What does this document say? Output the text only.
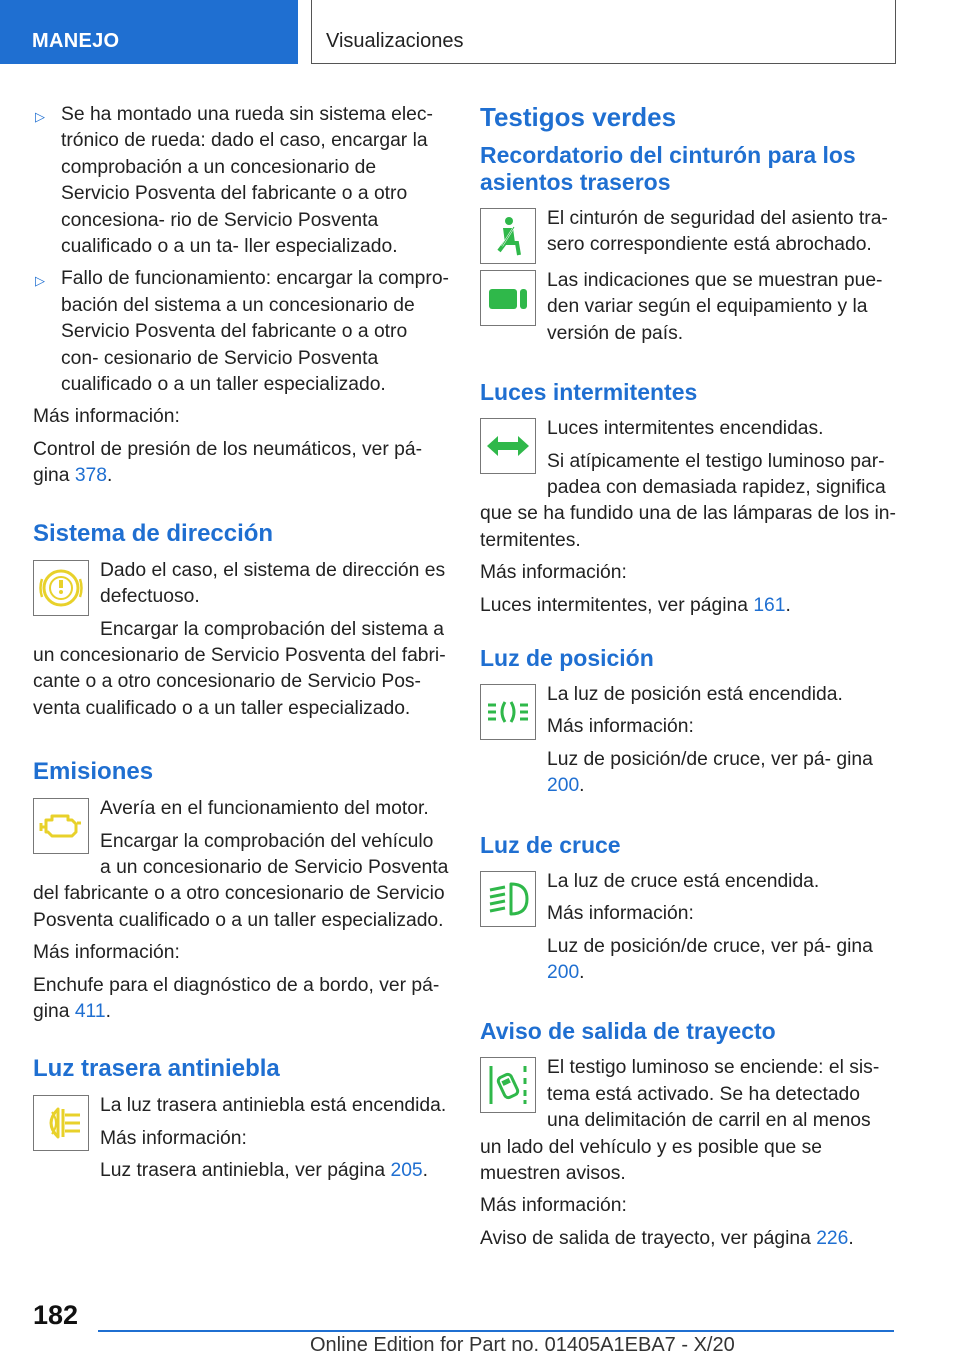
MANEJO	Visualizaciones
▷ Se ha montado una rueda sin sistema elec- trónico de rueda: dado el caso, encargar la comprobación a un concesionario de Servicio Posventa del fabricante o a otro concesiona- rio de Servicio Posventa cualificado o a un ta- ller especializado.
▷ Fallo de funcionamiento: encargar la compro- bación del sistema a un concesionario de Servicio Posventa del fabricante o a otro con- cesionario de Servicio Posventa cualificado o a un taller especializado.

Más información:

Control de presión de los neumáticos, ver pá- gina 378.

Sistema de dirección

Dado el caso, el sistema de dirección es defectuoso.

Encargar la comprobación del sistema a un concesionario de Servicio Posventa del fabri- cante o a otro concesionario de Servicio Pos- venta cualificado o a un taller especializado.

Emisiones

Avería en el funcionamiento del motor.

Encargar la comprobación del vehículo a un concesionario de Servicio Posventa del fabricante o a otro concesionario de Servicio Posventa cualificado o a un taller especializado.

Más información:

Enchufe para el diagnóstico de a bordo, ver pá- gina 411.

Luz trasera antiniebla

La luz trasera antiniebla está encendida.

Más información:

Luz trasera antiniebla, ver página 205.

Testigos verdes
Recordatorio del cinturón para los asientos traseros

El cinturón de seguridad del asiento tra- sero correspondiente está abrochado.

Las indicaciones que se muestran pue- den variar según el equipamiento y la versión de país.

Luces intermitentes

Luces intermitentes encendidas.

Si atípicamente el testigo luminoso par- padea con demasiada rapidez, significa que se ha fundido una de las lámparas de los in- termitentes.

Más información:

Luces intermitentes, ver página 161.

Luz de posición

La luz de posición está encendida.

Más información:

Luz de posición/de cruce, ver pá- gina 200.

Luz de cruce

La luz de cruce está encendida.

Más información:

Luz de posición/de cruce, ver pá- gina 200.

Aviso de salida de trayecto

El testigo luminoso se enciende: el sis- tema está activado. Se ha detectado una delimitación de carril en al menos un lado del vehículo y es posible que se muestren avisos.

Más información:

Aviso de salida de trayecto, ver página 226.

182
Online Edition for Part no. 01405A1EBA7 - X/20
